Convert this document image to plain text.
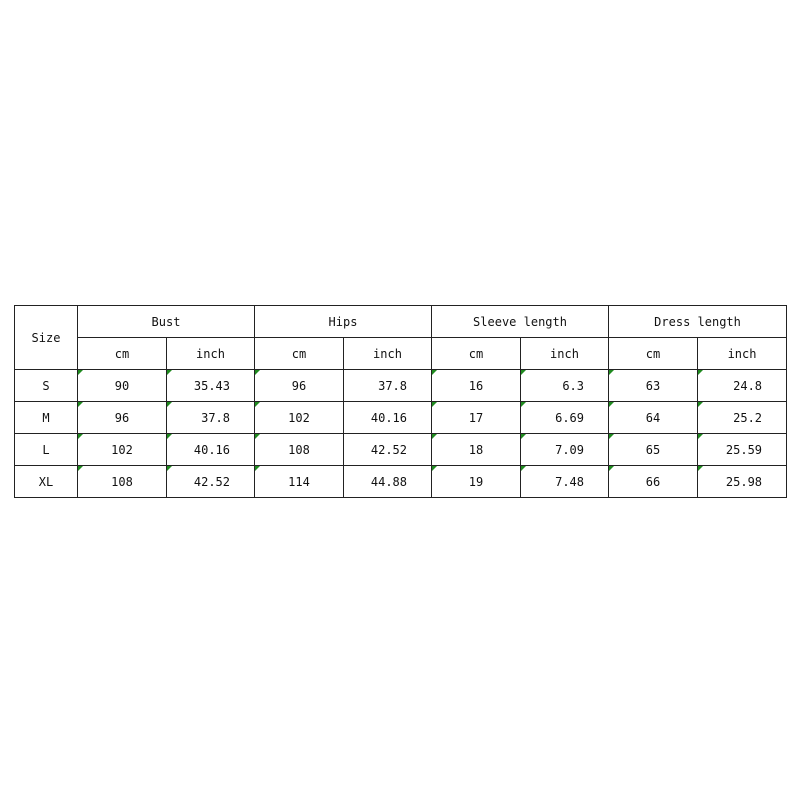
Size	Bust		Hips		Sleeve length		Dress length	
	cm	inch	cm	inch	cm	inch	cm	inch
S	90	35.43	96	37.8	16	6.3	63	24.8
M	96	37.8	102	40.16	17	6.69	64	25.2
L	102	40.16	108	42.52	18	7.09	65	25.59
XL	108	42.52	114	44.88	19	7.48	66	25.98
